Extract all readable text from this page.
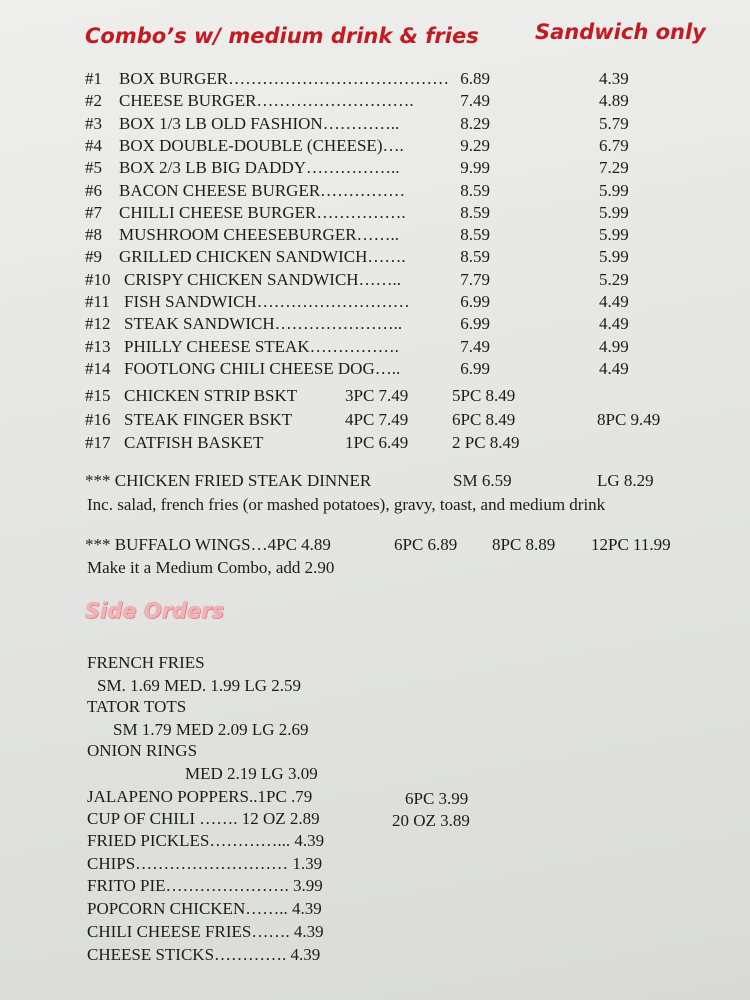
Combo’s w/ medium drink & fries	Sandwich only
#1 BOX BURGER………………………………… 6.89	4.39
#2 CHEESE BURGER……………………….	7.49	4.89
#3 BOX 1/3 LB OLD FASHION…………..	8.29	5.79
#4 BOX DOUBLE-DOUBLE (CHEESE)….	9.29	6.79
#5 BOX 2/3 LB BIG DADDY……………..	9.99	7.29
#6 BACON CHEESE BURGER……………	8.59	5.99
#7 CHILLI CHEESE BURGER…………….	8.59	5.99
#8 MUSHROOM CHEESEBURGER……..	8.59	5.99
#9 GRILLED CHICKEN SANDWICH…….	8.59	5.99
#10 CRISPY CHICKEN SANDWICH……..	7.79	5.29
#11 FISH SANDWICH………………………	6.99	4.49
#12 STEAK SANDWICH…………………..	6.99	4.49
#13 PHILLY CHEESE STEAK…………….	7.49	4.99
#14 FOOTLONG CHILI CHEESE DOG…..	6.99	4.49
#15 CHICKEN STRIP BSKT	3PC 7.49	5PC 8.49
#16 STEAK FINGER BSKT	4PC 7.49	6PC 8.49	8PC 9.49
#17 CATFISH BASKET	1PC 6.49	2 PC 8.49
*** CHICKEN FRIED STEAK DINNER	SM 6.59	LG 8.29
Inc. salad, french fries (or mashed potatoes), gravy, toast, and medium drink
*** BUFFALO WINGS…4PC 4.89	6PC 6.89 8PC 8.89 12PC 11.99
Make it a Medium Combo, add 2.90
Side Orders
FRENCH FRIES
SM. 1.69 MED. 1.99 LG 2.59
TATOR TOTS
SM 1.79 MED 2.09 LG 2.69
ONION RINGS
MED 2.19 LG 3.09
JALAPENO POPPERS..1PC .79	6PC 3.99
CUP OF CHILI ……. 12 OZ 2.89	20 OZ 3.89
FRIED PICKLES…………... 4.39
CHIPS……………………… 1.39
FRITO PIE…………………. 3.99
POPCORN CHICKEN…….. 4.39
CHILI CHEESE FRIES……. 4.39
CHEESE STICKS…………. 4.39
